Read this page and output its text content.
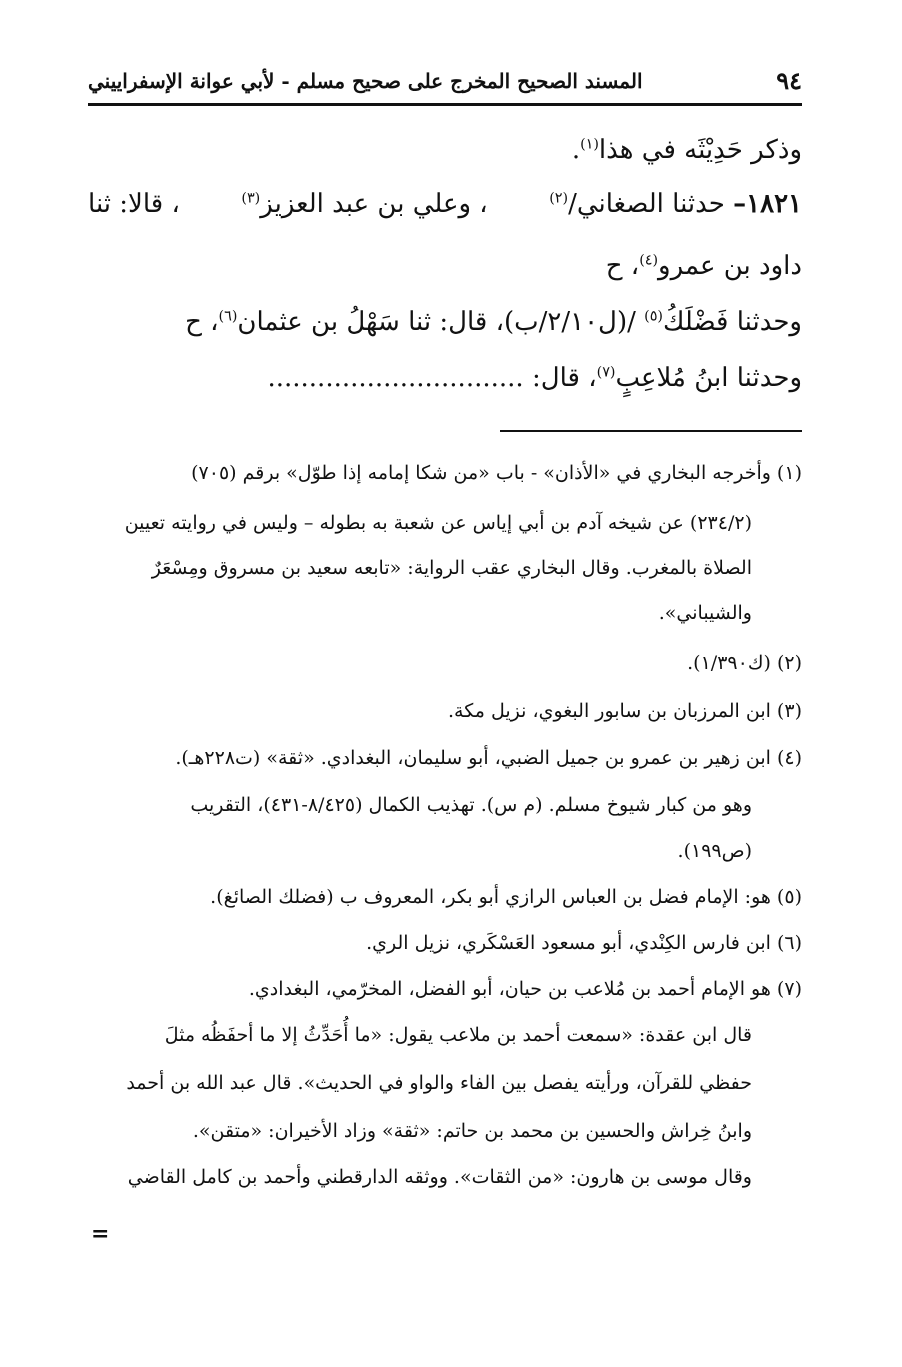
٩٤
المسند الصحيح المخرج على صحيح مسلم - لأبي عوانة الإسفراييني
وذكر حَدِيْثَه في هذا$^{(١)}$.
١٨٢١– حدثنا الصغاني/$^{(٢)}$
، وعلي بن عبد العزيز$^{(٣)}$
، قالا: ثنا
داود بن عمرو$^{(٤)}$، ح
وحدثنا فَضْلَكُ$^{(٥)}$ /(ل٢/١٠/ب)، قال: ثنا سَهْلُ بن عثمان$^{(٦)}$، ح
وحدثنا ابنُ مُلاعِبٍ$^{(٧)}$، قال: ...............................
(١) وأخرجه البخاري في «الأذان» - باب «من شكا إمامه إذا طوّل» برقم (٧٠٥)
(٢٣٤/٢) عن شيخه آدم بن أبي إياس عن شعبة به بطوله – وليس في روايته تعيين
الصلاة بالمغرب. وقال البخاري عقب الرواية: «تابعه سعيد بن مسروق ومِسْعَرٌ
والشيباني».
(٢) (ك١/٣٩٠).
(٣) ابن المرزبان بن سابور البغوي، نزيل مكة.
(٤) ابن زهير بن عمرو بن جميل الضبي، أبو سليمان، البغدادي. «ثقة» (ت٢٢٨هـ).
وهو من كبار شيوخ مسلم. (م س). تهذيب الكمال (٨/٤٢٥-٤٣١)، التقريب
(ص١٩٩).
(٥) هو: الإمام فضل بن العباس الرازي أبو بكر، المعروف ب (فضلك الصائغ).
(٦) ابن فارس الكِنْدي، أبو مسعود العَسْكَري، نزيل الري.
(٧) هو الإمام أحمد بن مُلاعب بن حيان، أبو الفضل، المخرّمي، البغدادي.
قال ابن عقدة: «سمعت أحمد بن ملاعب يقول: «ما أُحَدِّثُ إلا ما أحفَظُه مثلَ
حفظي للقرآن، ورأيته يفصل بين الفاء والواو في الحديث». قال عبد الله بن أحمد
وابنُ خِراش والحسين بن محمد بن حاتم: «ثقة» وزاد الأخيران: «متقن».
وقال موسى بن هارون: «من الثقات». ووثقه الدارقطني وأحمد بن كامل القاضي
=
